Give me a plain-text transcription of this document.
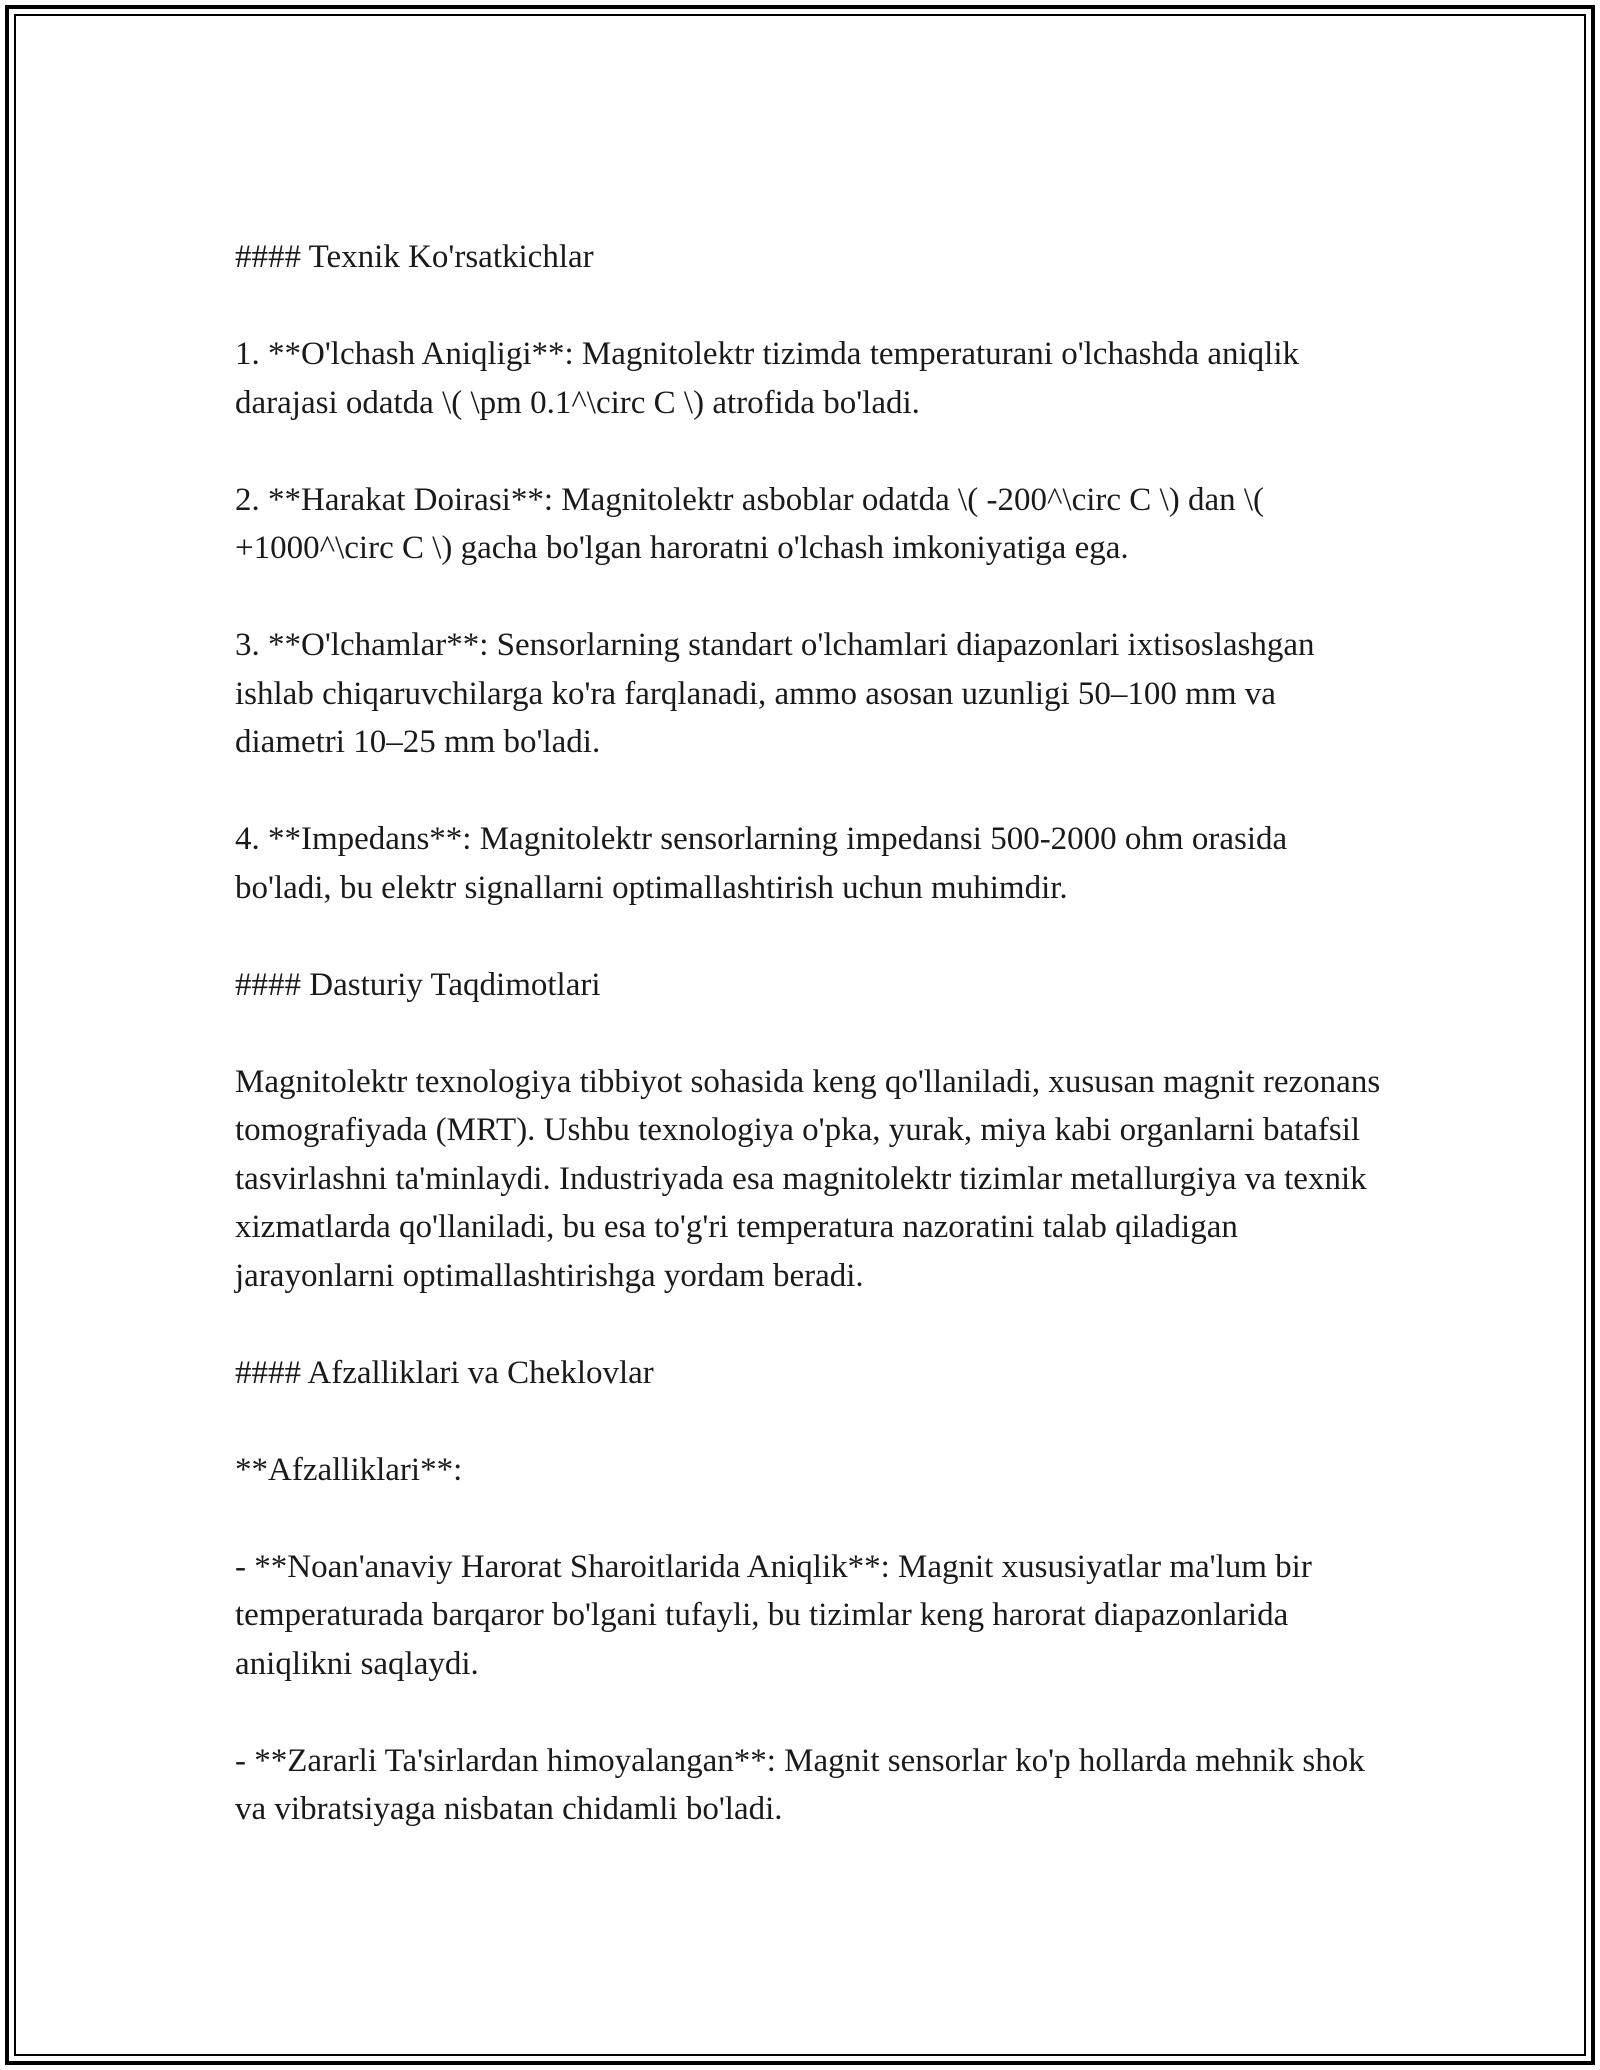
#### Texnik Ko'rsatkichlar

1. **O'lchash Aniqligi**: Magnitolektr tizimda temperaturani o'lchashda aniqlik darajasi odatda \( \pm 0.1^\circ C \) atrofida bo'ladi.

2. **Harakat Doirasi**: Magnitolektr asboblar odatda \( -200^\circ C \) dan \( +1000^\circ C \) gacha bo'lgan haroratni o'lchash imkoniyatiga ega.

3. **O'lchamlar**: Sensorlarning standart o'lchamlari diapazonlari ixtisoslashgan ishlab chiqaruvchilarga ko'ra farqlanadi, ammo asosan uzunligi 50–100 mm va diametri 10–25 mm bo'ladi.

4. **Impedans**: Magnitolektr sensorlarning impedansi 500-2000 ohm orasida bo'ladi, bu elektr signallarni optimallashtirish uchun muhimdir.

#### Dasturiy Taqdimotlari

Magnitolektr texnologiya tibbiyot sohasida keng qo'llaniladi, xususan magnit rezonans tomografiyada (MRT). Ushbu texnologiya o'pka, yurak, miya kabi organlarni batafsil tasvirlashni ta'minlaydi. Industriyada esa magnitolektr tizimlar metallurgiya va texnik xizmatlarda qo'llaniladi, bu esa to'g'ri temperatura nazoratini talab qiladigan jarayonlarni optimallashtirishga yordam beradi.

#### Afzalliklari va Cheklovlar

**Afzalliklari**:

- **Noan'anaviy Harorat Sharoitlarida Aniqlik**: Magnit xususiyatlar ma'lum bir temperaturada barqaror bo'lgani tufayli, bu tizimlar keng harorat diapazonlarida aniqlikni saqlaydi.

- **Zararli Ta'sirlardan himoyalangan**: Magnit sensorlar ko'p hollarda mehnik shok va vibratsiyaga nisbatan chidamli bo'ladi.
